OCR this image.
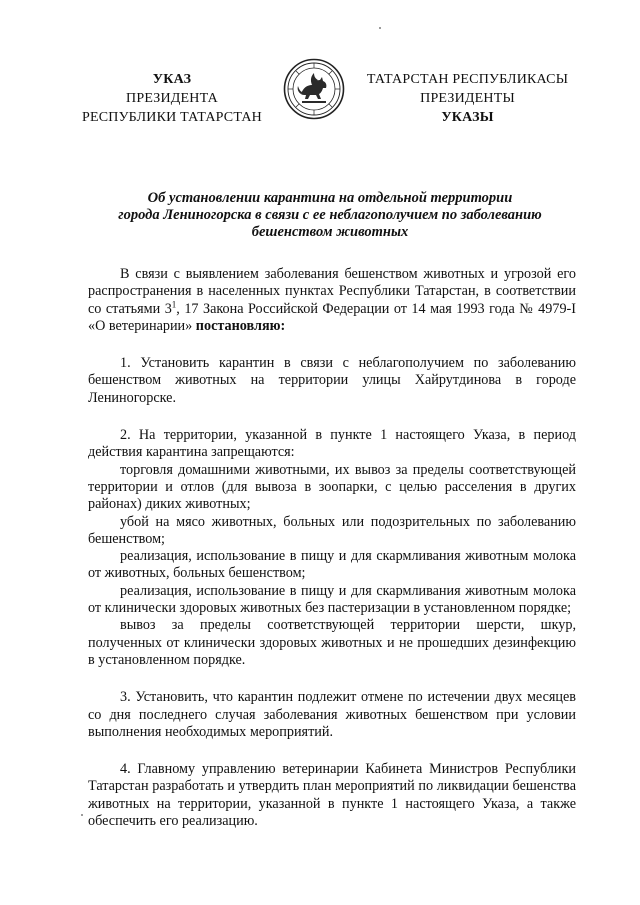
УКАЗ
ПРЕЗИДЕНТА
РЕСПУБЛИКИ ТАТАРСТАН
ТАТАРСТАН РЕСПУБЛИКАСЫ
ПРЕЗИДЕНТЫ
УКАЗЫ
Об установлении карантина на отдельной территории
города Лениногорска в связи с ее неблагополучием по заболеванию
бешенством животных

В связи с выявлением заболевания бешенством животных и угрозой его распространения в населенных пунктах Республики Татарстан, в соответствии со статьями $3^1$, 17 Закона Российской Федерации от 14 мая 1993 года № 4979-I «О ветеринарии» постановляю:

1. Установить карантин в связи с неблагополучием по заболеванию бешенством животных на территории улицы Хайрутдинова в городе Лениногорске.

2. На территории, указанной в пункте 1 настоящего Указа, в период действия карантина запрещаются:

торговля домашними животными, их вывоз за пределы соответствующей территории и отлов (для вывоза в зоопарки, с целью расселения в других районах) диких животных;

убой на мясо животных, больных или подозрительных по заболеванию бешенством;

реализация, использование в пищу и для скармливания животным молока от животных, больных бешенством;

реализация, использование в пищу и для скармливания животным молока от клинически здоровых животных без пастеризации в установленном порядке;

вывоз за пределы соответствующей территории шерсти, шкур, полученных от клинически здоровых животных и не прошедших дезинфекцию в установленном порядке.

3. Установить, что карантин подлежит отмене по истечении двух месяцев со дня последнего случая заболевания животных бешенством при условии выполнения необходимых мероприятий.

4. Главному управлению ветеринарии Кабинета Министров Республики Татарстан разработать и утвердить план мероприятий по ликвидации бешенства животных на территории, указанной в пункте 1 настоящего Указа, а также обеспечить его реализацию.
